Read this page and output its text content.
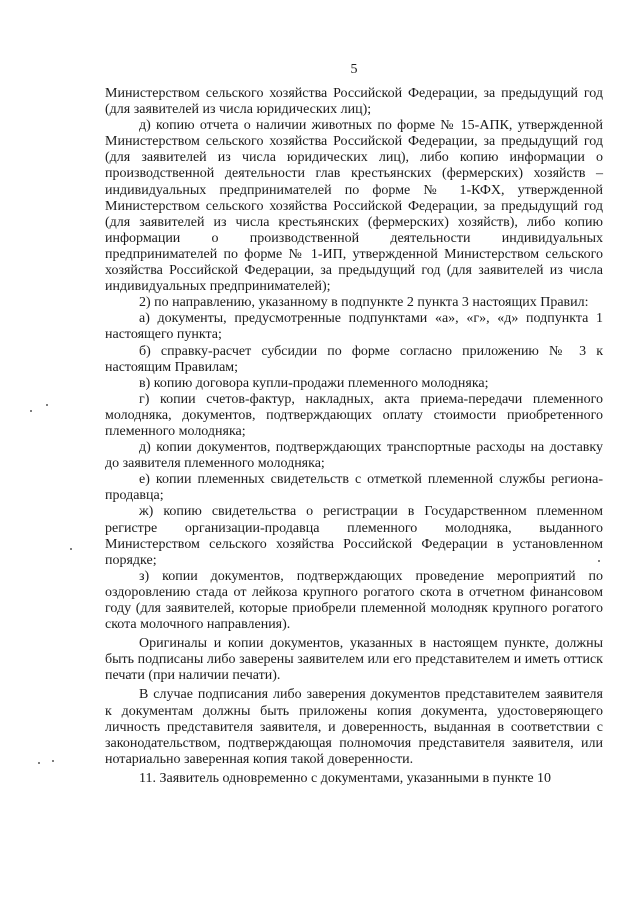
5

Министерством сельского хозяйства Российской Федерации, за предыдущий год (для заявителей из числа юридических лиц);

д) копию отчета о наличии животных по форме № 15-АПК, утвержденной Министерством сельского хозяйства Российской Федерации, за предыдущий год (для заявителей из числа юридических лиц), либо копию информации о производственной деятельности глав крестьянских (фермерских) хозяйств – индивидуальных предпринимателей по форме № 1-КФХ, утвержденной Министерством сельского хозяйства Российской Федерации, за предыдущий год (для заявителей из числа крестьянских (фермерских) хозяйств), либо копию информации о производственной деятельности индивидуальных предпринимателей по форме № 1-ИП, утвержденной Министерством сельского хозяйства Российской Федерации, за предыдущий год (для заявителей из числа индивидуальных предпринимателей);

2) по направлению, указанному в подпункте 2 пункта 3 настоящих Правил:

а) документы, предусмотренные подпунктами «а», «г», «д» подпункта 1 настоящего пункта;

б) справку-расчет субсидии по форме согласно приложению № 3 к настоящим Правилам;

в) копию договора купли-продажи племенного молодняка;

г) копии счетов-фактур, накладных, акта приема-передачи племенного молодняка, документов, подтверждающих оплату стоимости приобретенного племенного молодняка;

д) копии документов, подтверждающих транспортные расходы на доставку до заявителя племенного молодняка;

е) копии племенных свидетельств с отметкой племенной службы региона-продавца;

ж) копию свидетельства о регистрации в Государственном племенном регистре организации-продавца племенного молодняка, выданного Министерством сельского хозяйства Российской Федерации в установленном порядке;

з) копии документов, подтверждающих проведение мероприятий по оздоровлению стада от лейкоза крупного рогатого скота в отчетном финансовом году (для заявителей, которые приобрели племенной молодняк крупного рогатого скота молочного направления).

Оригиналы и копии документов, указанных в настоящем пункте, должны быть подписаны либо заверены заявителем или его представителем и иметь оттиск печати (при наличии печати).

В случае подписания либо заверения документов представителем заявителя к документам должны быть приложены копия документа, удостоверяющего личность представителя заявителя, и доверенность, выданная в соответствии с законодательством, подтверждающая полномочия представителя заявителя, или нотариально заверенная копия такой доверенности.

11. Заявитель одновременно с документами, указанными в пункте 10
